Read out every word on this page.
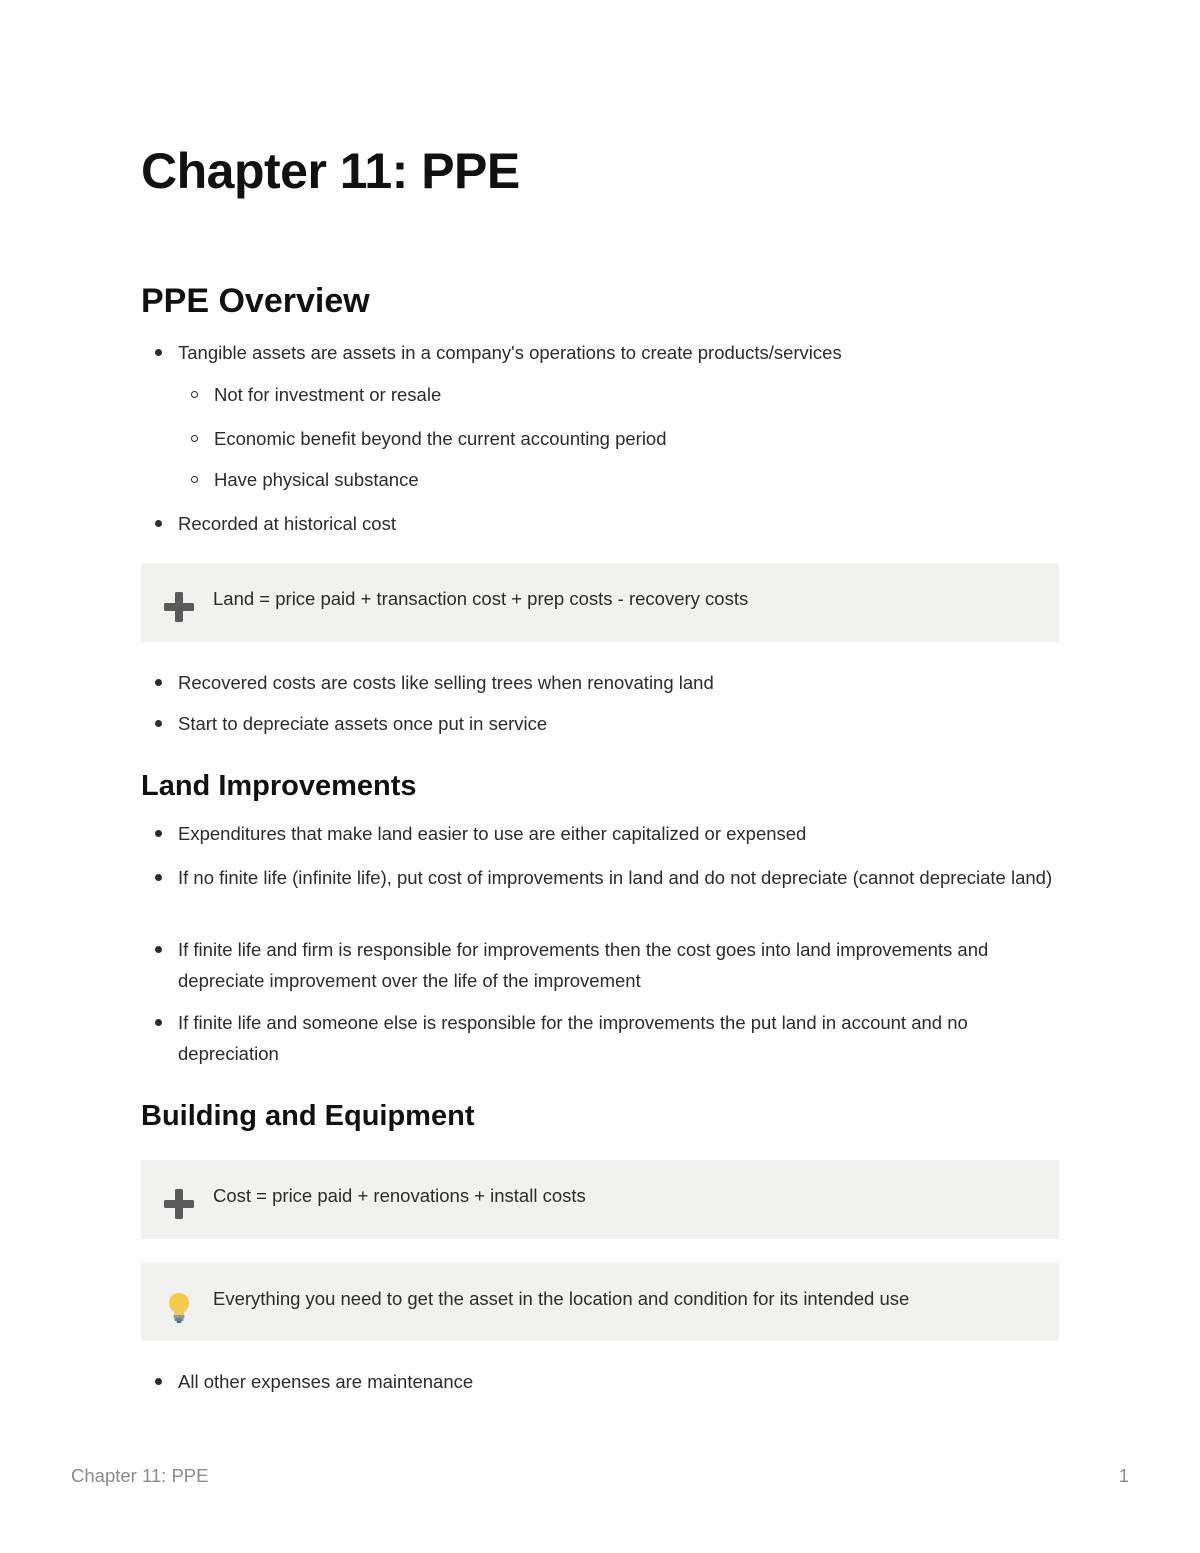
Chapter 11: PPE
PPE Overview
Tangible assets are assets in a company's operations to create products/services
Not for investment or resale
Economic benefit beyond the current accounting period
Have physical substance
Recorded at historical cost
Land = price paid + transaction cost + prep costs - recovery costs
Recovered costs are costs like selling trees when renovating land
Start to depreciate assets once put in service
Land Improvements
Expenditures that make land easier to use are either capitalized or expensed
If no finite life (infinite life), put cost of improvements in land and do not depreciate (cannot depreciate land)
If finite life and firm is responsible for improvements then the cost goes into land improvements and depreciate improvement over the life of the improvement
If finite life and someone else is responsible for the improvements the put land in account and no depreciation
Building and Equipment
Cost = price paid + renovations + install costs
Everything you need to get the asset in the location and condition for its intended use
All other expenses are maintenance
Chapter 11: PPE	1
